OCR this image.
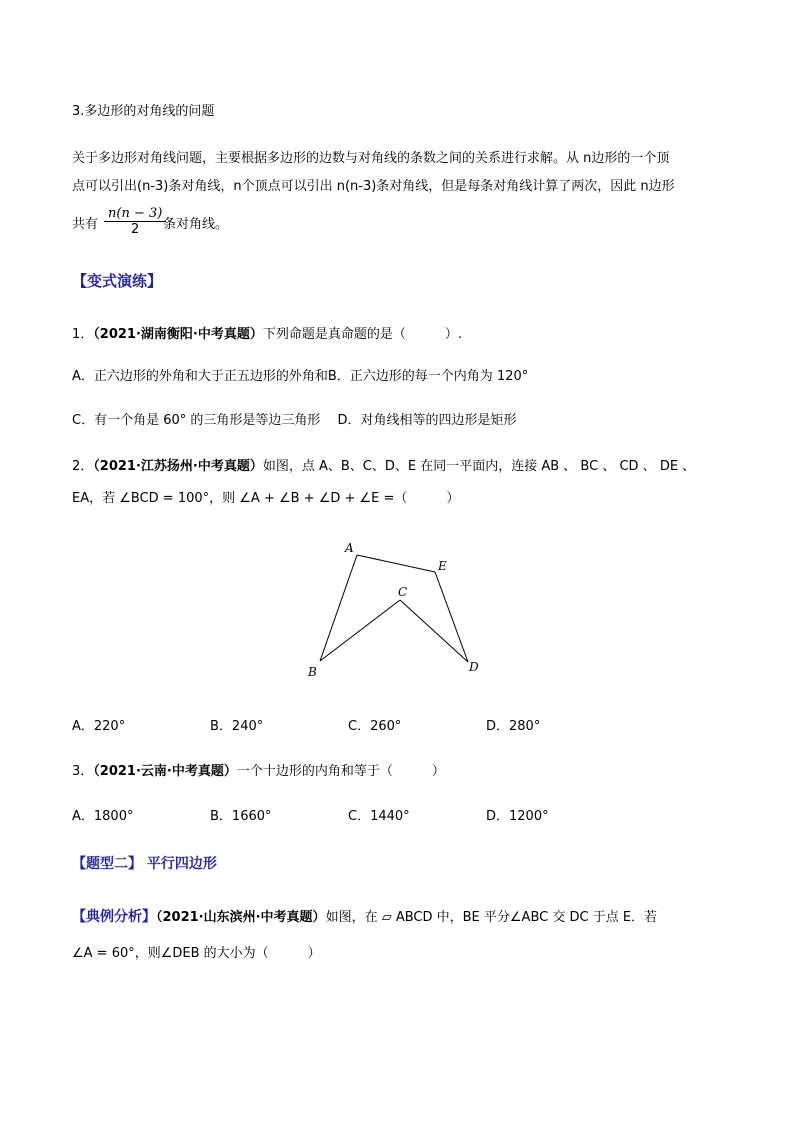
3.多边形的对角线的问题
关于多边形对角线问题，主要根据多边形的边数与对角线的条数之间的关系进行求解。从 n边形的一个顶
点可以引出(n-3)条对角线，n个顶点可以引出 n(n-3)条对角线，但是每条对角线计算了两次，因此 n边形
共有 $\frac{n(n - 3)}{2}$
条对角线。
【变式演练】
1．（2021·湖南衡阳·中考真题）下列命题是真命题的是（　　　）.
A．正六边形的外角和大于正五边形的外角和B．正六边形的每一个内角为 120°
C．有一个角是 60° 的三角形是等边三角形　 D．对角线相等的四边形是矩形
2．（2021·江苏扬州·中考真题）如图，点 A、B、C、D、E 在同一平面内，连接 AB 、 BC 、 CD 、 DE 、
EA，若 ∠BCD = 100°，则 ∠A + ∠B + ∠D + ∠E =（　　　）
A
E
C
B	D
A．220°	B．240°	C．260°	D．280°
3．（2021·云南·中考真题）一个十边形的内角和等于（　　　）
A．1800°	B．1660°	C．1440°	D．1200°
【题型二】 平行四边形
【典例分析】（2021·山东滨州·中考真题）如图，在 ▱ ABCD 中，BE 平分∠ABC 交 DC 于点 E．若
∠A = 60°，则∠DEB 的大小为（　　　）
